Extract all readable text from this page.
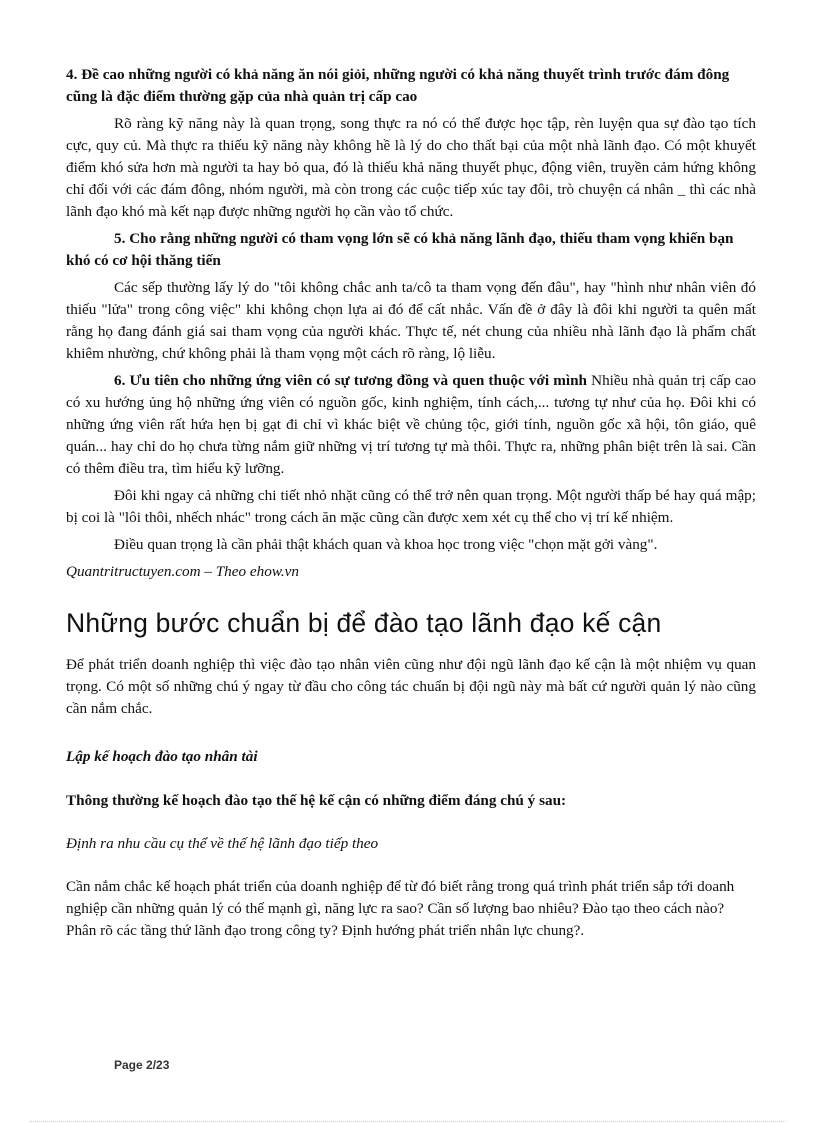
4. Đề cao những người có khả năng ăn nói giỏi, những người có khả năng thuyết trình trước đám đông cũng là đặc điểm thường gặp của nhà quản trị cấp cao

Rõ ràng kỹ năng này là quan trọng, song thực ra nó có thể được học tập, rèn luyện qua sự đào tạo tích cực, quy củ. Mà thực ra thiếu kỹ năng này không hề là lý do cho thất bại của một nhà lãnh đạo. Có một khuyết điểm khó sửa hơn mà người ta hay bỏ qua, đó là thiếu khả năng thuyết phục, động viên, truyền cảm hứng không chỉ đối với các đám đông, nhóm người, mà còn trong các cuộc tiếp xúc tay đôi, trò chuyện cá nhân _ thì các nhà lãnh đạo khó mà kết nạp được những người họ cần vào tổ chức.

5. Cho rằng những người có tham vọng lớn sẽ có khả năng lãnh đạo, thiếu tham vọng khiến bạn khó có cơ hội thăng tiến

Các sếp thường lấy lý do "tôi không chắc anh ta/cô ta tham vọng đến đâu", hay "hình như nhân viên đó thiếu "lửa" trong công việc" khi không chọn lựa ai đó để cất nhắc. Vấn đề ở đây là đôi khi người ta quên mất rằng họ đang đánh giá sai tham vọng của người khác. Thực tế, nét chung của nhiều nhà lãnh đạo là phẩm chất khiêm nhường, chứ không phải là tham vọng một cách rõ ràng, lộ liễu.

6. Ưu tiên cho những ứng viên có sự tương đồng và quen thuộc với mình Nhiều nhà quản trị cấp cao có xu hướng ủng hộ những ứng viên có nguồn gốc, kinh nghiệm, tính cách,... tương tự như của họ. Đôi khi có những ứng viên rất hứa hẹn bị gạt đi chỉ vì khác biệt về chủng tộc, giới tính, nguồn gốc xã hội, tôn giáo, quê quán... hay chỉ do họ chưa từng nắm giữ những vị trí tương tự mà thôi. Thực ra, những phân biệt trên là sai. Cần có thêm điều tra, tìm hiểu kỹ lưỡng.

Đôi khi ngay cả những chi tiết nhỏ nhặt cũng có thể trở nên quan trọng. Một người thấp bé hay quá mập; bị coi là "lôi thôi, nhếch nhác" trong cách ăn mặc cũng cần được xem xét cụ thể cho vị trí kế nhiệm.

Điều quan trọng là cần phải thật khách quan và khoa học trong việc "chọn mặt gởi vàng".

Quantritructuyen.com – Theo ehow.vn

Những bước chuẩn bị để đào tạo lãnh đạo kế cận

Để phát triển doanh nghiệp thì việc đào tạo nhân viên cũng như đội ngũ lãnh đạo kế cận là một nhiệm vụ quan trọng. Có một số những chú ý ngay từ đầu cho công tác chuẩn bị đội ngũ này mà bất cứ người quản lý nào cũng cần nắm chắc.

Lập kế hoạch đào tạo nhân tài

Thông thường kế hoạch đào tạo thế hệ kế cận có những điểm đáng chú ý sau:

Định ra nhu cầu cụ thể về thế hệ lãnh đạo tiếp theo

Cần nắm chắc kế hoạch phát triển của doanh nghiệp để từ đó biết rằng trong quá trình phát triển sắp tới doanh nghiệp cần những quản lý có thế mạnh gì, năng lực ra sao? Cần số lượng bao nhiêu? Đào tạo theo cách nào? Phân rõ các tầng thứ lãnh đạo trong công ty? Định hướng phát triển nhân lực chung?.

Page 2/23
